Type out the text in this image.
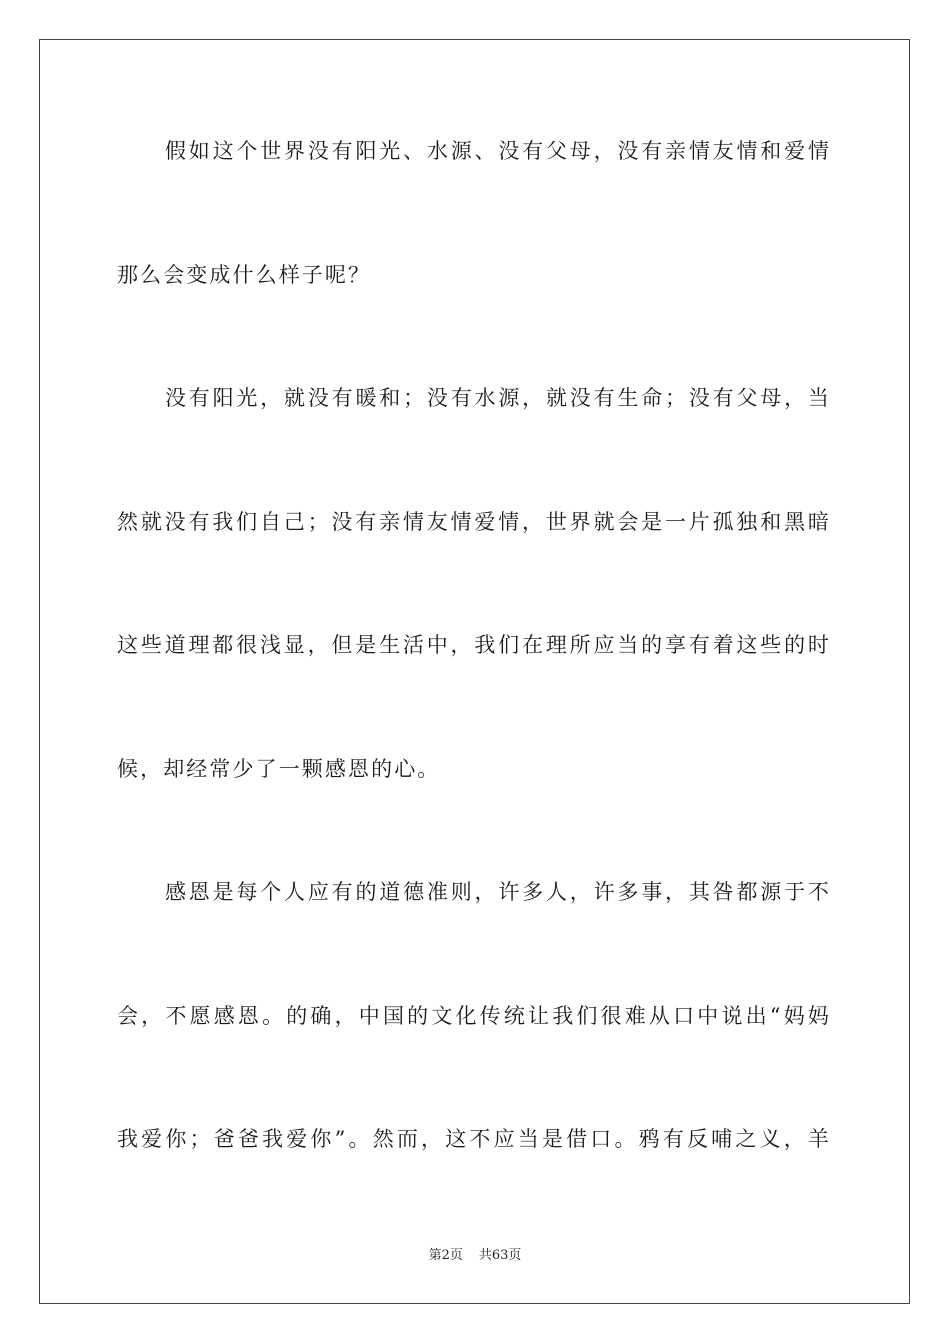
假如这个世界没有阳光、水源、没有父母，没有亲情友情和爱情
那么会变成什么样子呢？
没有阳光，就没有暖和；没有水源，就没有生命；没有父母，当
然就没有我们自己；没有亲情友情爱情，世界就会是一片孤独和黑暗
这些道理都很浅显，但是生活中，我们在理所应当的享有着这些的时
候，却经常少了一颗感恩的心。
感恩是每个人应有的道德准则，许多人，许多事，其咎都源于不
会，不愿感恩。的确，中国的文化传统让我们很难从口中说出“妈妈
我爱你；爸爸我爱你”。然而，这不应当是借口。鸦有反哺之义，羊
第2页 共63页
